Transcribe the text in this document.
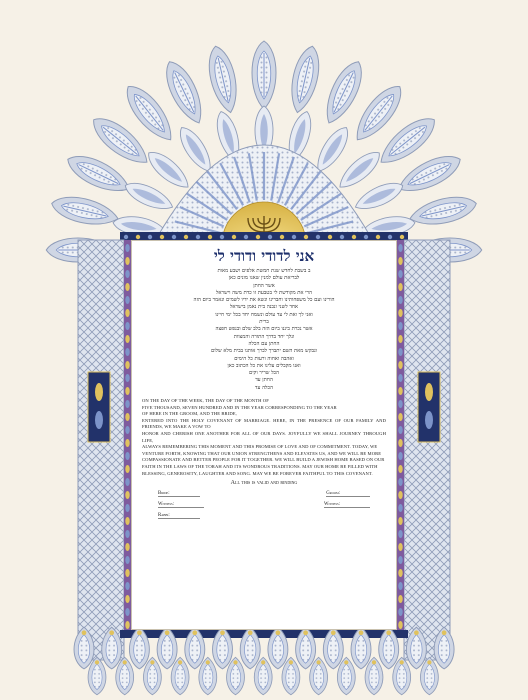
אני לדודי ודודי לי
ב בשבת לחדש שנת חמשת אלפים ושבע מאות
לבריאת עולם למנין שאנו מונים כאן
אשר החתן
הרי את מקודשת לי בטבעת זו כדת משה וישראל
הורינו ועם כל משפחותינו וחברינו ונשא את ידיו לשמים ונאמר ביום הזה
אחד לשני ונבנה בית נאמן בישראל
ואני לך ואת לי עד עולם ונשמח יחד בכל ימי חיינו
ברית
אשר נכרת ביננו ביום הזה בלב שלם ובנפש חפצה
ונלך יחד בדרך התורה והמצוות
החתן עם הכלה
ונבקש מאת השם יתברך לברך אותנו בבית מלא שלום
ואהבה ואחוה ורעות כל הימים
ואנו מקבלים עלינו את כל הכתוב כאן
הכל שריר וקים
החתן עד
הכלה עד
ON THE DAY OF THE WEEK, THE DAY OF THE MONTH OF
FIVE THOUSAND, SEVEN HUNDRED AND IN THE YEAR CORRESPONDING TO THE YEAR
OF HERE IN THE GROOM, AND THE BRIDE,
ENTERED INTO THE HOLY COVENANT OF MARRIAGE. HERE, IN THE PRESENCE OF OUR FAMILY AND FRIENDS, WE MAKE A VOW TO
HONOR AND CHERISH ONE ANOTHER FOR ALL OF OUR DAYS. JOYFULLY WE SHALL JOURNEY THROUGH LIFE,
ALWAYS REMEMBERING THIS MOMENT AND THIS PROMISE OF LOVE AND OF COMMITMENT. TODAY, WE
VENTURE FORTH, KNOWING THAT OUR UNION STRENGTHENS AND ELEVATES US, AND WE WILL BE MORE
COMPASSIONATE AND BETTER PEOPLE FOR IT TOGETHER. WE WILL BUILD A JEWISH HOME BASED ON OUR
FAITH IN THE LAWS OF THE TORAH AND ITS WONDROUS TRADITIONS. MAY OUR HOME BE FILLED WITH
BLESSING, GENEROSITY, LAUGHTER AND SONG. MAY WE BE FOREVER FAITHFUL TO THIS COVENANT.
All this is valid and binding
Bride:	Groom:
Witness:	Witness:
Rabbi:
